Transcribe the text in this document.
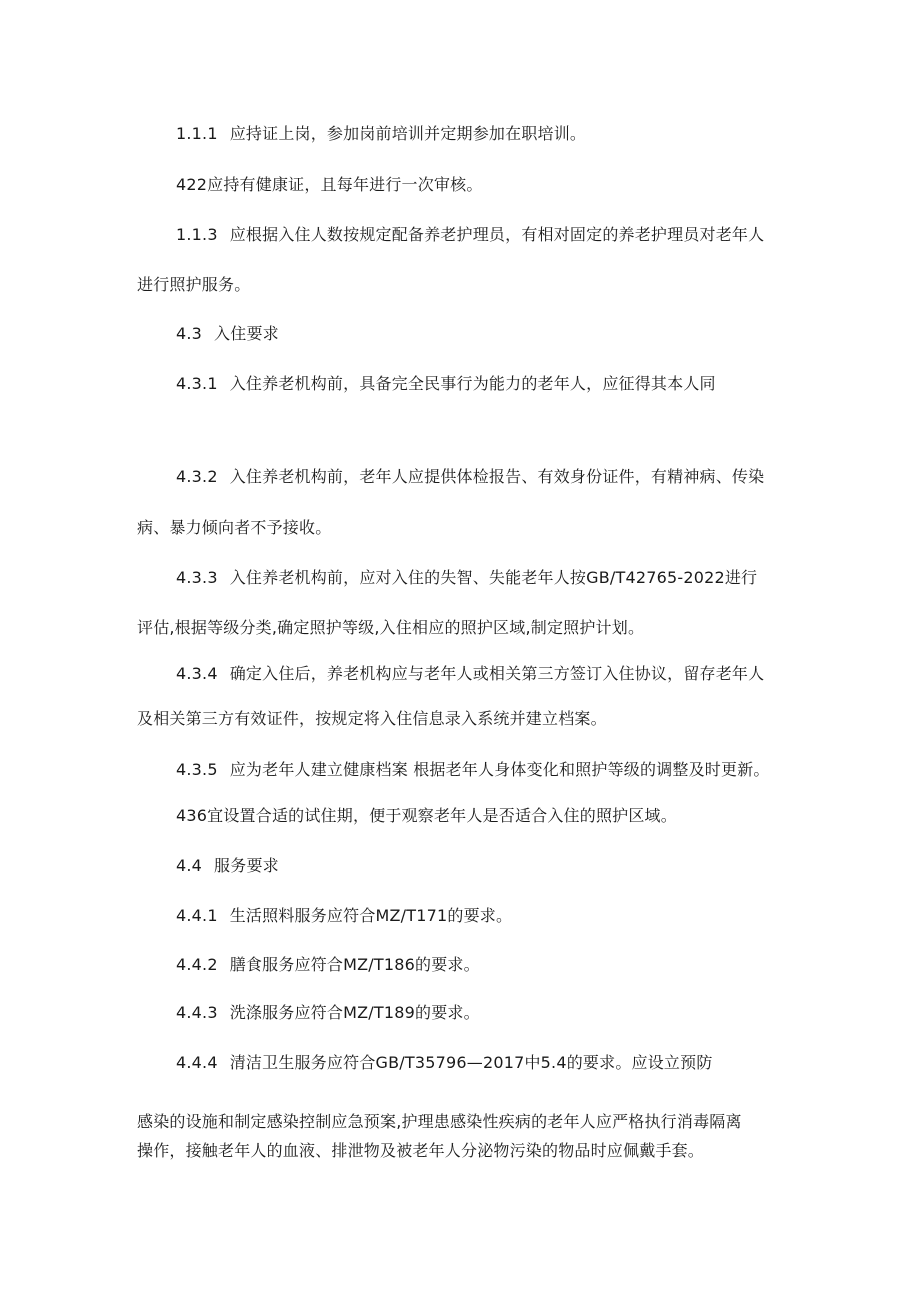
1.1.1 应持证上岗，参加岗前培训并定期参加在职培训。
422应持有健康证，且每年进行一次审核。
1.1.3 应根据入住人数按规定配备养老护理员，有相对固定的养老护理员对老年人
进行照护服务。
4.3 入住要求
4.3.1 入住养老机构前，具备完全民事行为能力的老年人，应征得其本人同
4.3.2 入住养老机构前，老年人应提供体检报告、有效身份证件，有精神病、传染
病、暴力倾向者不予接收。
4.3.3 入住养老机构前，应对入住的失智、失能老年人按GB/T42765-2022进行
评估,根据等级分类,确定照护等级,入住相应的照护区域,制定照护计划。
4.3.4 确定入住后，养老机构应与老年人或相关第三方签订入住协议，留存老年人
及相关第三方有效证件，按规定将入住信息录入系统并建立档案。
4.3.5 应为老年人建立健康档案 根据老年人身体变化和照护等级的调整及时更新。
436宜设置合适的试住期，便于观察老年人是否适合入住的照护区域。
4.4 服务要求
4.4.1 生活照料服务应符合MZ/T171的要求。
4.4.2 膳食服务应符合MZ/T186的要求。
4.4.3 洗涤服务应符合MZ/T189的要求。
4.4.4 清洁卫生服务应符合GB/T35796—2017中5.4的要求。应设立预防
感染的设施和制定感染控制应急预案,护理患感染性疾病的老年人应严格执行消毒隔离
操作，接触老年人的血液、排泄物及被老年人分泌物污染的物品时应佩戴手套。
